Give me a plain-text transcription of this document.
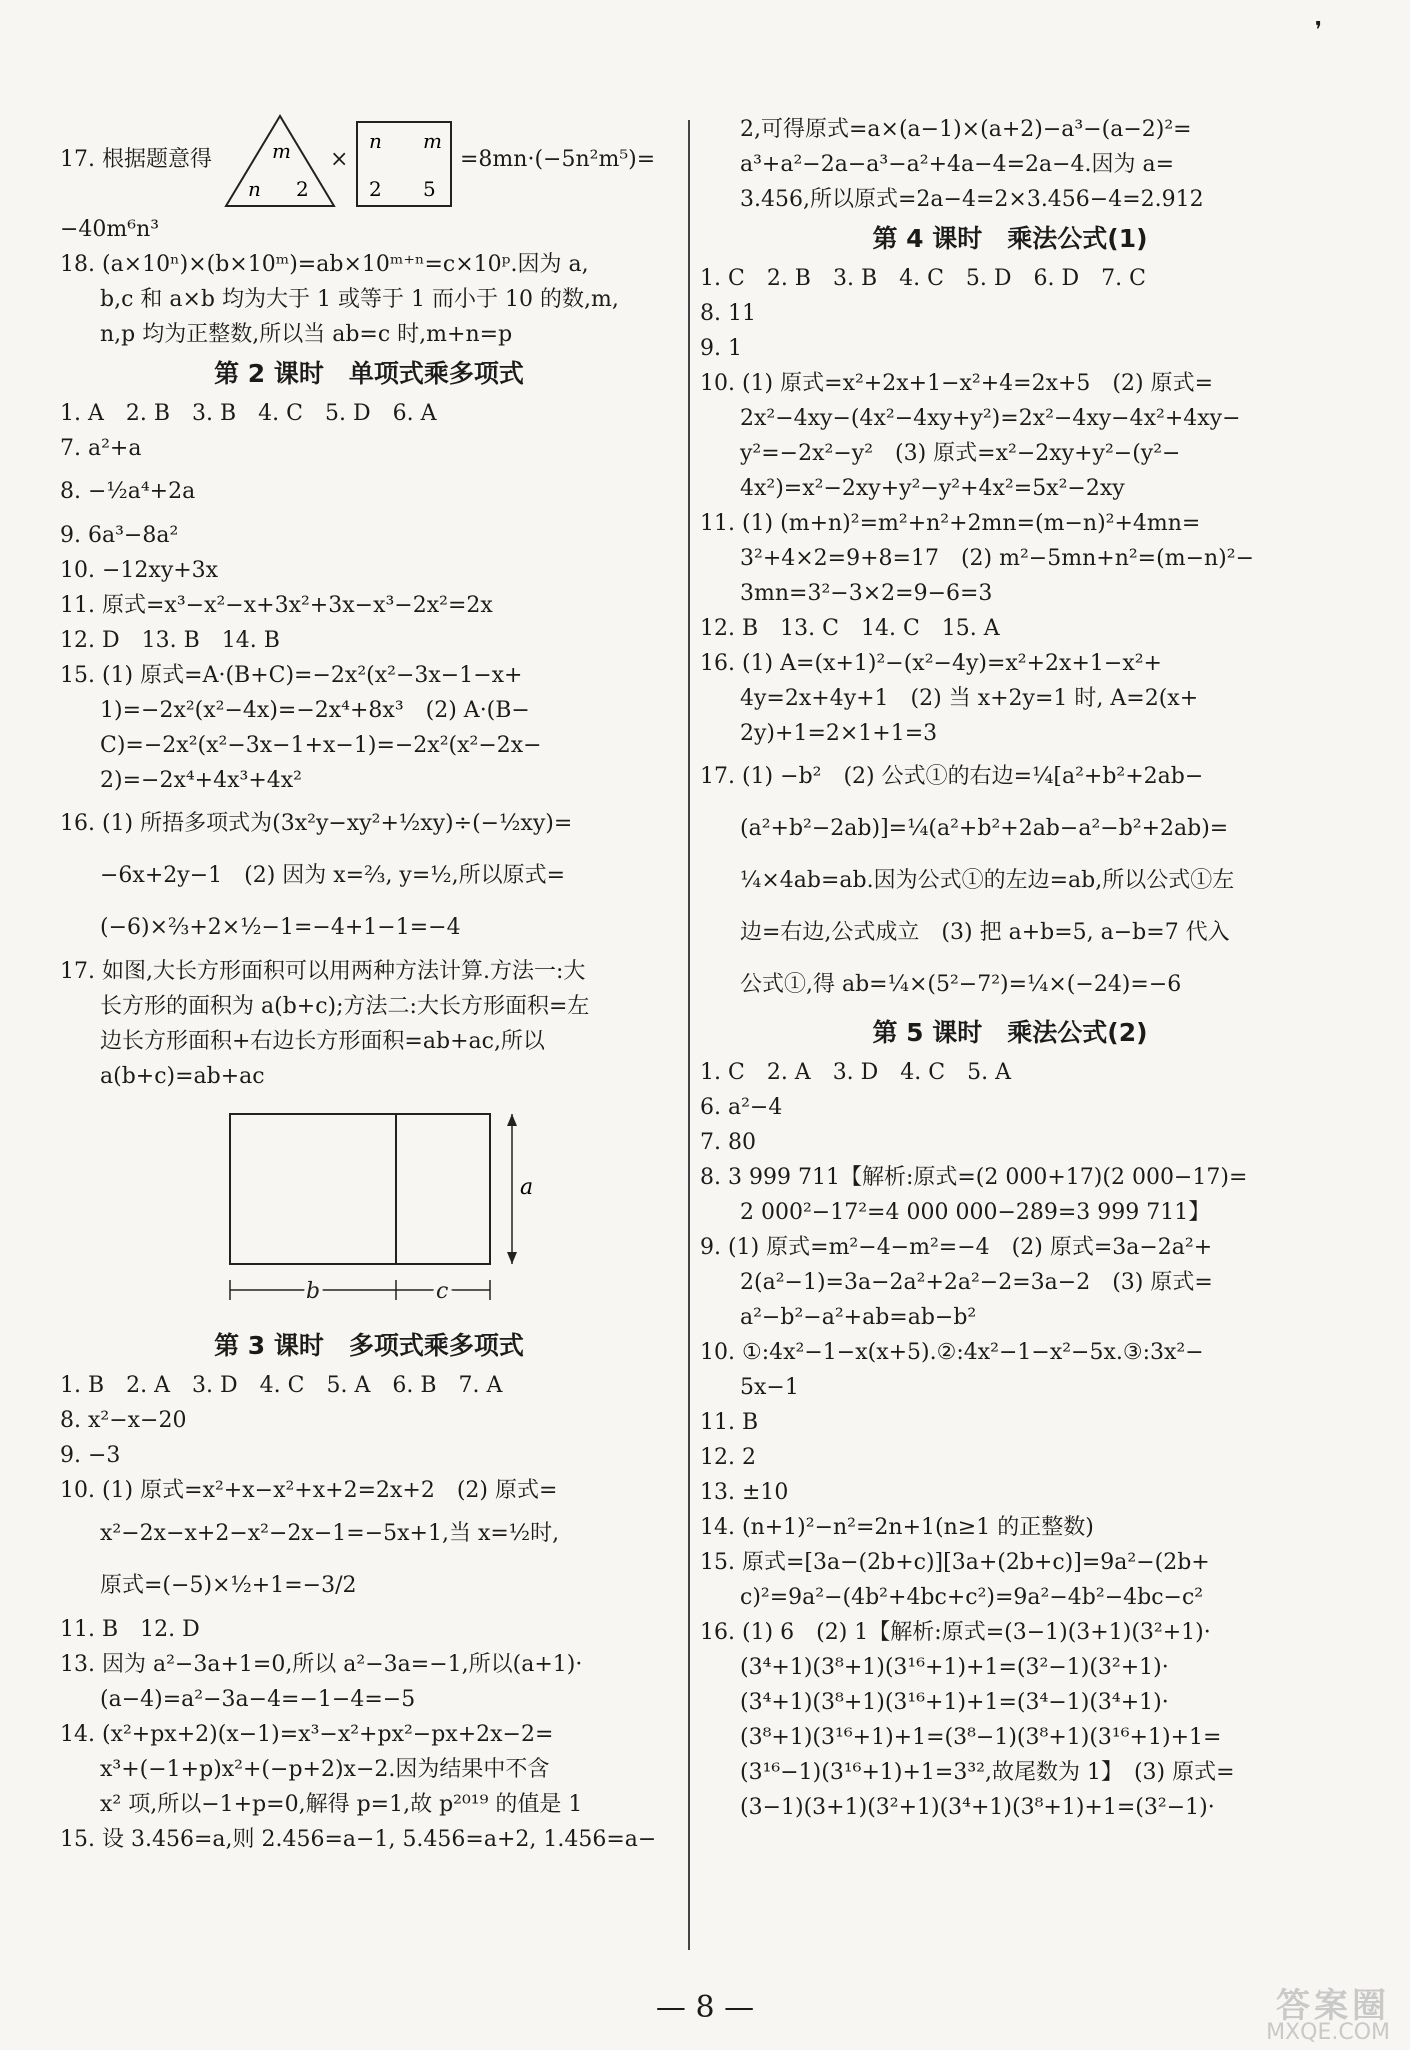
❜
17. 根据题意得	m
n 2
×
n m
2 5
=8mn·(−5n²m⁵)=
−40m⁶n³
18. (a×10ⁿ)×(b×10ᵐ)=ab×10ᵐ⁺ⁿ=c×10ᵖ.因为 a,
b,c 和 a×b 均为大于 1 或等于 1 而小于 10 的数,m,
n,p 均为正整数,所以当 ab=c 时,m+n=p
第 2 课时　单项式乘多项式
1. A　2. B　3. B　4. C　5. D　6. A
7. a²+a
8. −½a⁴+2a
9. 6a³−8a²
10. −12xy+3x
11. 原式=x³−x²−x+3x²+3x−x³−2x²=2x
12. D　13. B　14. B
15. (1) 原式=A·(B+C)=−2x²(x²−3x−1−x+
1)=−2x²(x²−4x)=−2x⁴+8x³　(2) A·(B−
C)=−2x²(x²−3x−1+x−1)=−2x²(x²−2x−
2)=−2x⁴+4x³+4x²
16. (1) 所捂多项式为(3x²y−xy²+½xy)÷(−½xy)=
−6x+2y−1　(2) 因为 x=⅔, y=½,所以原式=
(−6)×⅔+2×½−1=−4+1−1=−4
17. 如图,大长方形面积可以用两种方法计算.方法一:大
长方形的面积为 a(b+c);方法二:大长方形面积=左
边长方形面积+右边长方形面积=ab+ac,所以
a(b+c)=ab+ac
a
b	c
第 3 课时　多项式乘多项式
1. B　2. A　3. D　4. C　5. A　6. B　7. A
8. x²−x−20
9. −3
10. (1) 原式=x²+x−x²+x+2=2x+2　(2) 原式=
x²−2x−x+2−x²−2x−1=−5x+1,当 x=½时,
原式=(−5)×½+1=−3/2
11. B　12. D
13. 因为 a²−3a+1=0,所以 a²−3a=−1,所以(a+1)·
(a−4)=a²−3a−4=−1−4=−5
14. (x²+px+2)(x−1)=x³−x²+px²−px+2x−2=
x³+(−1+p)x²+(−p+2)x−2.因为结果中不含
x² 项,所以−1+p=0,解得 p=1,故 p²⁰¹⁹ 的值是 1
15. 设 3.456=a,则 2.456=a−1, 5.456=a+2, 1.456=a−
2,可得原式=a×(a−1)×(a+2)−a³−(a−2)²=
a³+a²−2a−a³−a²+4a−4=2a−4.因为 a=
3.456,所以原式=2a−4=2×3.456−4=2.912
第 4 课时　乘法公式(1)
1. C　2. B　3. B　4. C　5. D　6. D　7. C
8. 11
9. 1
10. (1) 原式=x²+2x+1−x²+4=2x+5　(2) 原式=
2x²−4xy−(4x²−4xy+y²)=2x²−4xy−4x²+4xy−
y²=−2x²−y²　(3) 原式=x²−2xy+y²−(y²−
4x²)=x²−2xy+y²−y²+4x²=5x²−2xy
11. (1) (m+n)²=m²+n²+2mn=(m−n)²+4mn=
3²+4×2=9+8=17　(2) m²−5mn+n²=(m−n)²−
3mn=3²−3×2=9−6=3
12. B　13. C　14. C　15. A
16. (1) A=(x+1)²−(x²−4y)=x²+2x+1−x²+
4y=2x+4y+1　(2) 当 x+2y=1 时, A=2(x+
2y)+1=2×1+1=3
17. (1) −b²　(2) 公式①的右边=¼[a²+b²+2ab−
(a²+b²−2ab)]=¼(a²+b²+2ab−a²−b²+2ab)=
¼×4ab=ab.因为公式①的左边=ab,所以公式①左
边=右边,公式成立　(3) 把 a+b=5, a−b=7 代入
公式①,得 ab=¼×(5²−7²)=¼×(−24)=−6
第 5 课时　乘法公式(2)
1. C　2. A　3. D　4. C　5. A
6. a²−4
7. 80
8. 3 999 711【解析:原式=(2 000+17)(2 000−17)=
2 000²−17²=4 000 000−289=3 999 711】
9. (1) 原式=m²−4−m²=−4　(2) 原式=3a−2a²+
2(a²−1)=3a−2a²+2a²−2=3a−2　(3) 原式=
a²−b²−a²+ab=ab−b²
10. ①:4x²−1−x(x+5).②:4x²−1−x²−5x.③:3x²−
5x−1
11. B
12. 2
13. ±10
14. (n+1)²−n²=2n+1(n≥1 的正整数)
15. 原式=[3a−(2b+c)][3a+(2b+c)]=9a²−(2b+
c)²=9a²−(4b²+4bc+c²)=9a²−4b²−4bc−c²
16. (1) 6　(2) 1【解析:原式=(3−1)(3+1)(3²+1)·
(3⁴+1)(3⁸+1)(3¹⁶+1)+1=(3²−1)(3²+1)·
(3⁴+1)(3⁸+1)(3¹⁶+1)+1=(3⁴−1)(3⁴+1)·
(3⁸+1)(3¹⁶+1)+1=(3⁸−1)(3⁸+1)(3¹⁶+1)+1=
(3¹⁶−1)(3¹⁶+1)+1=3³²,故尾数为 1】　(3) 原式=
(3−1)(3+1)(3²+1)(3⁴+1)(3⁸+1)+1=(3²−1)·
— 8 —	答案圈
MXQE.COM
